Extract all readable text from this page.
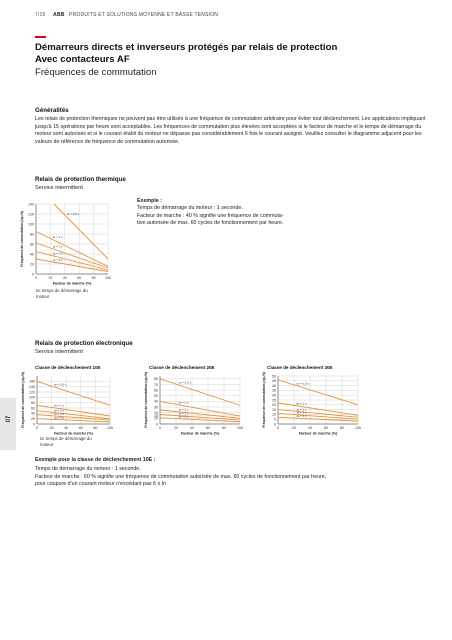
7/28 ABB PRODUITS ET SOLUTIONS MOYENNE ET BASSE TENSION
Démarreurs directs et inverseurs protégés par relais de protection
Avec contacteurs AF
Fréquences de commutation
Généralités
Les relais de protection thermiques ne peuvent pas être utilisés à une fréquence de commutation arbitraire pour éviter tout déclenchement. Les applications impliquant jusqu'à 15 opérations par heure sont acceptables. Les fréquences de commutation plus élevées sont acceptées si le facteur de marche et le temps de démarrage du moteur sont autorisés et si le courant établi du moteur ne dépasse pas considérablement 6 fois le courant assigné. Veuillez consulter le diagramme adjacent pour les valeurs de référence de fréquence de commutation autorisée.
Relais de protection thermique
Service intermittent
0
20
40
60
80
100
120
140
0	20	40	60	80	100
Facteur de marche (%)
Fréquence de commutation (op./h)	ta = 0,5 s
ta = 1 s
ta = 2 s
ta = 3 s
ta = 5 s
ta: temps de démarrage du
moteur
Exemple :
Temps de démarrage du moteur : 1 seconde.
Facteur de marche : 40 % signifie une fréquence de commuta-
tion autorisée de max. 60 cycles de fonctionnement par heure.
Relais de protection électronique
Service intermittent
Classe de déclenchement 10E	Classe de déclenchement 20E	Classe de déclenchement 30E
0
20
40
60
80
100
120
140
160
0	20	40	60	80	100
Facteur de marche (%)
Fréquence de commutation (op./h)	ta = 0,5 s
ta = 1 s
ta = 2 s
ta = 3 s
ta = 5 s
0
10
15
20
30
40
50
60
70
80
0	20	40	60	80	100
Facteur de marche (%)
Fréquence de commutation (op./h)	ta = 0,5 s
ta = 1 s
ta = 2 s
ta = 3 s
ta = 5 s
0
5
10
15
20
25
30
35
40
45
50
0	20	40	60	80	100
Facteur de marche (%)
Fréquence de commutation (op./h)	ta = 0,5 s
ta = 1 s
ta = 2 s
ta = 3 s
ta = 5 s
ta: temps de démarrage du
moteur
07
Exemple pour la classe de déclenchement 10E :
Temps de démarrage du moteur : 1 seconde.
Facteur de marche : 60 % signifie une fréquence de commutation autorisée de max. 60 cycles de fonctionnement par heure,
pour coupure d'un courant moteur n'excédant pas 6 x In
